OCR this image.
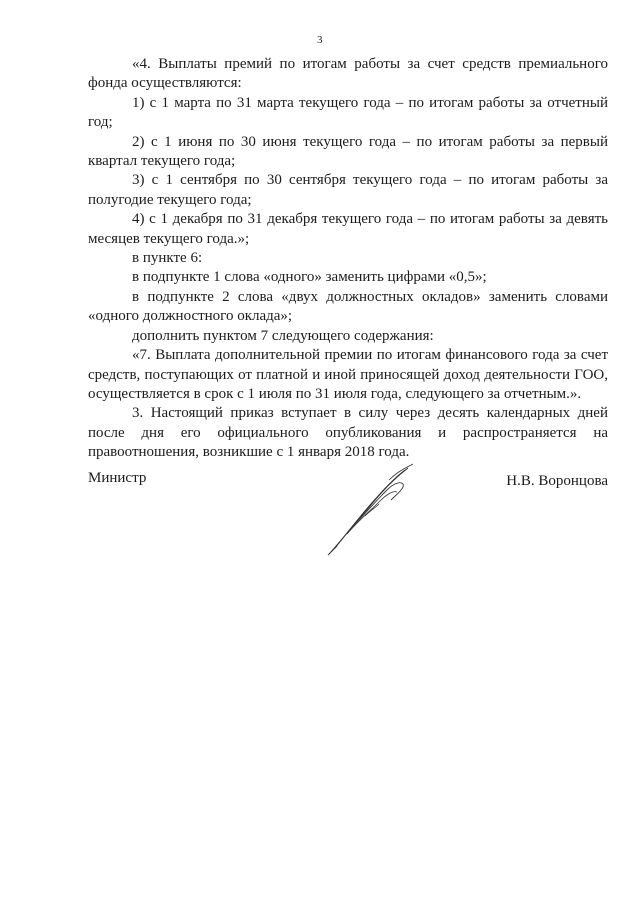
3

«4. Выплаты премий по итогам работы за счет средств премиального фонда осуществляются:

1) с 1 марта по 31 марта текущего года – по итогам работы за отчетный год;

2) с 1 июня по 30 июня текущего года – по итогам работы за первый квартал текущего года;

3) с 1 сентября по 30 сентября текущего года – по итогам работы за полугодие текущего года;

4) с 1 декабря по 31 декабря текущего года – по итогам работы за девять месяцев текущего года.»;

в пункте 6:

в подпункте 1 слова «одного» заменить цифрами «0,5»;

в подпункте 2 слова «двух должностных окладов» заменить словами «одного должностного оклада»;

дополнить пунктом 7 следующего содержания:

«7. Выплата дополнительной премии по итогам финансового года за счет средств, поступающих от платной и иной приносящей доход деятельности ГОО, осуществляется в срок с 1 июля по 31 июля года, следующего за отчетным.».

3. Настоящий приказ вступает в силу через десять календарных дней после дня его официального опубликования и распространяется на правоотношения, возникшие с 1 января 2018 года.

Министр	Н.В. Воронцова
